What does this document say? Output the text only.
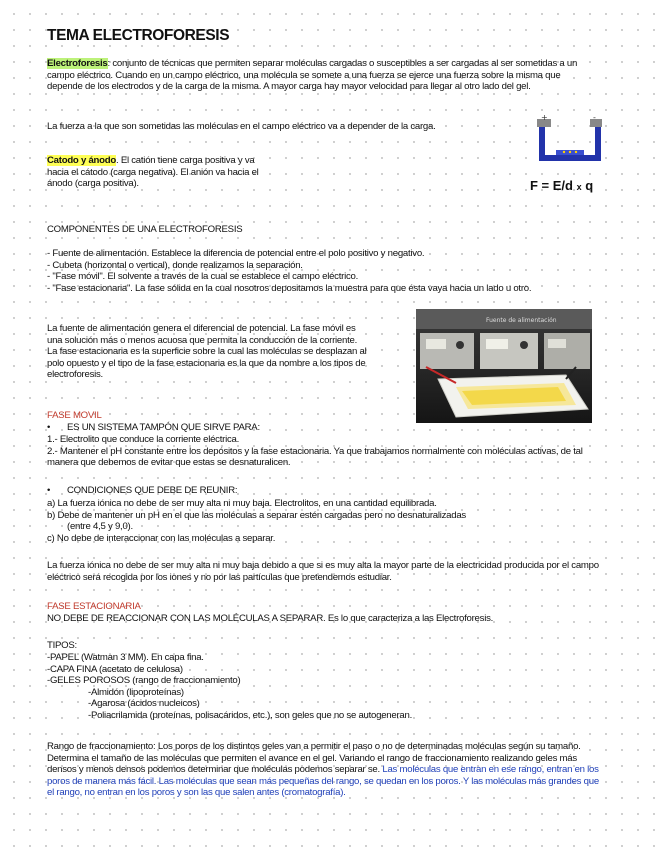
TEMA ELECTROFORESIS

Electroforesis: conjunto de técnicas que permiten separar moléculas cargadas o susceptibles a ser cargadas al ser sometidas a un campo eléctrico. Cuando en un campo eléctrico, una molécula se somete a una fuerza se ejerce una fuerza sobre la misma que depende de los electrodos y de la carga de la misma. A mayor carga hay mayor velocidad para llegar al otro lado del gel.

La fuerza a la que son sometidas las moléculas en el campo eléctrico va a depender de la carga.

+	-

Catodo y ánodo. El catión tiene carga positiva y va hacia el cátodo (carga negativa). El anión va hacia el ánodo (carga positiva).	F = E/d x q

COMPONENTES DE UNA ELECTROFORESIS

- Fuente de alimentación. Establece la diferencia de potencial entre el polo positivo y negativo.
- Cubeta (horizontal o vertical), donde realizamos la separación.
- "Fase móvil". El solvente a través de la cual se establece el campo eléctrico.
- "Fase estacionaria". La fase sólida en la cual nosotros depositamos la muestra para que ésta vaya hacia un lado u otro.

La fuente de alimentación genera el diferencial de potencial. La fase móvil es una solución más o menos acuosa que permita la conducción de la corriente. La fase estacionaria es la superficie sobre la cual las moléculas se desplazan al polo opuesto y el tipo de la fase estacionaria es la que da nombre a los tipos de electroforesis.

Fuente de alimentación

FASE MOVIL

• ES UN SISTEMA TAMPÓN QUE SIRVE PARA:

1.- Electrolito que conduce la corriente eléctrica.
2.- Mantener el pH constante entre los depósitos y la fase estacionaria. Ya que trabajamos normalmente con moléculas activas, de tal manera que debemos de evitar que estas se desnaturalicen.

• CONDICIONES QUE DEBE DE REUNIR:

a) La fuerza iónica no debe de ser muy alta ni muy baja. Electrolitos, en una cantidad equilibrada.
b) Debe de mantener un pH en el que las moléculas a separar estén cargadas pero no desnaturalizadas
(entre 4,5 y 9,0).
c) No debe de interaccionar con las moléculas a separar.

La fuerza iónica no debe de ser muy alta ni muy baja debido a que si es muy alta la mayor parte de la electricidad producida por el campo eléctrico será recogida por los iones y no por las partículas que pretendemos estudiar.

FASE ESTACIONARIA

NO DEBE DE REACCIONAR CON LAS MOLÉCULAS A SEPARAR. Es lo que caracteriza a las Electroforesis.

TIPOS:

-PAPEL (Watman 3 MM). En capa fina.
-CAPA FINA (acetato de celulosa)
-GELES POROSOS (rango de fraccionamiento)
-Almidón (lipoproteínas)
-Agarosa (ácidos nucleicos)
-Poliacrilamida (proteínas, polisacáridos, etc.), son geles que no se autogeneran.

Rango de fraccionamiento: Los poros de los distintos geles van a permitir el paso o no de determinadas moléculas según su tamaño. Determina el tamaño de las moléculas que permiten el avance en el gel. Variando el rango de fraccionamiento realizando geles más densos y menos densos podemos determinar que moléculas podemos separar se. Las moléculas que entran en ese rango, entran en los poros de manera más fácil. Las moléculas que sean más pequeñas del rango, se quedan en los poros. Y las moléculas más grandes que el rango, no entran en los poros y son las que salen antes (cromatografía).
